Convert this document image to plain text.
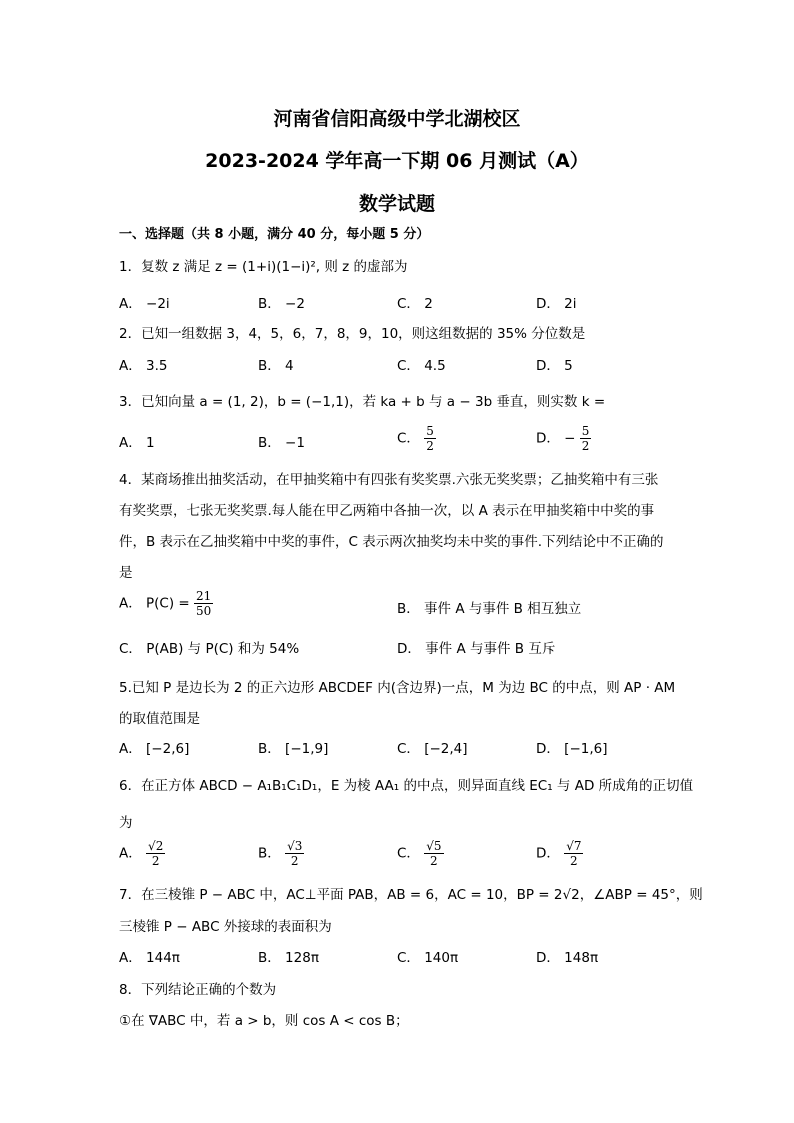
河南省信阳高级中学北湖校区
2023-2024 学年高一下期 06 月测试（A）
数学试题
一、选择题（共 8 小题，满分 40 分，每小题 5 分）
1．复数 z 满足 z = (1+i)(1−i)², 则 z 的虚部为
A． −2i	B． −2	C． 2	D． 2i
2．已知一组数据 3，4，5，6，7，8，9，10，则这组数据的 35% 分位数是
A． 3.5	B． 4	C． 4.5	D． 5
3．已知向量 a = (1, 2)，b = (−1,1)，若 ka + b 与 a − 3b 垂直，则实数 k =
A． 1	B． −1	C． $\frac{5}{2}$	D． − $\frac{5}{2}$
4．某商场推出抽奖活动，在甲抽奖箱中有四张有奖奖票.六张无奖奖票；乙抽奖箱中有三张
有奖奖票，七张无奖奖票.每人能在甲乙两箱中各抽一次，以 A 表示在甲抽奖箱中中奖的事
件，B 表示在乙抽奖箱中中奖的事件，C 表示两次抽奖均未中奖的事件.下列结论中不正确的
是
A． $P(C) = \frac{21}{50}$	B． 事件 A 与事件 B 相互独立
C． P(AB) 与 P(C) 和为 54%	D． 事件 A 与事件 B 互斥
5.已知 P 是边长为 2 的正六边形 ABCDEF 内(含边界)一点，M 为边 BC 的中点，则 AP · AM
的取值范围是
A． [−2,6]	B． [−1,9]	C． [−2,4]	D． [−1,6]
6．在正方体 ABCD − A₁B₁C₁D₁，E 为棱 AA₁ 的中点，则异面直线 EC₁ 与 AD 所成角的正切值
为
A． $\frac{√2}{2}$	B． $\frac{√3}{2}$	C． $\frac{√5}{2}$	D． $\frac{√7}{2}$
7．在三棱锥 P − ABC 中，AC⊥平面 PAB，AB = 6，AC = 10，BP = 2√2，∠ABP = 45°，则
三棱锥 P − ABC 外接球的表面积为
A． 144π	B． 128π	C． 140π	D． 148π
8．下列结论正确的个数为
①在 ∇ABC 中，若 a > b，则 cos A < cos B；
